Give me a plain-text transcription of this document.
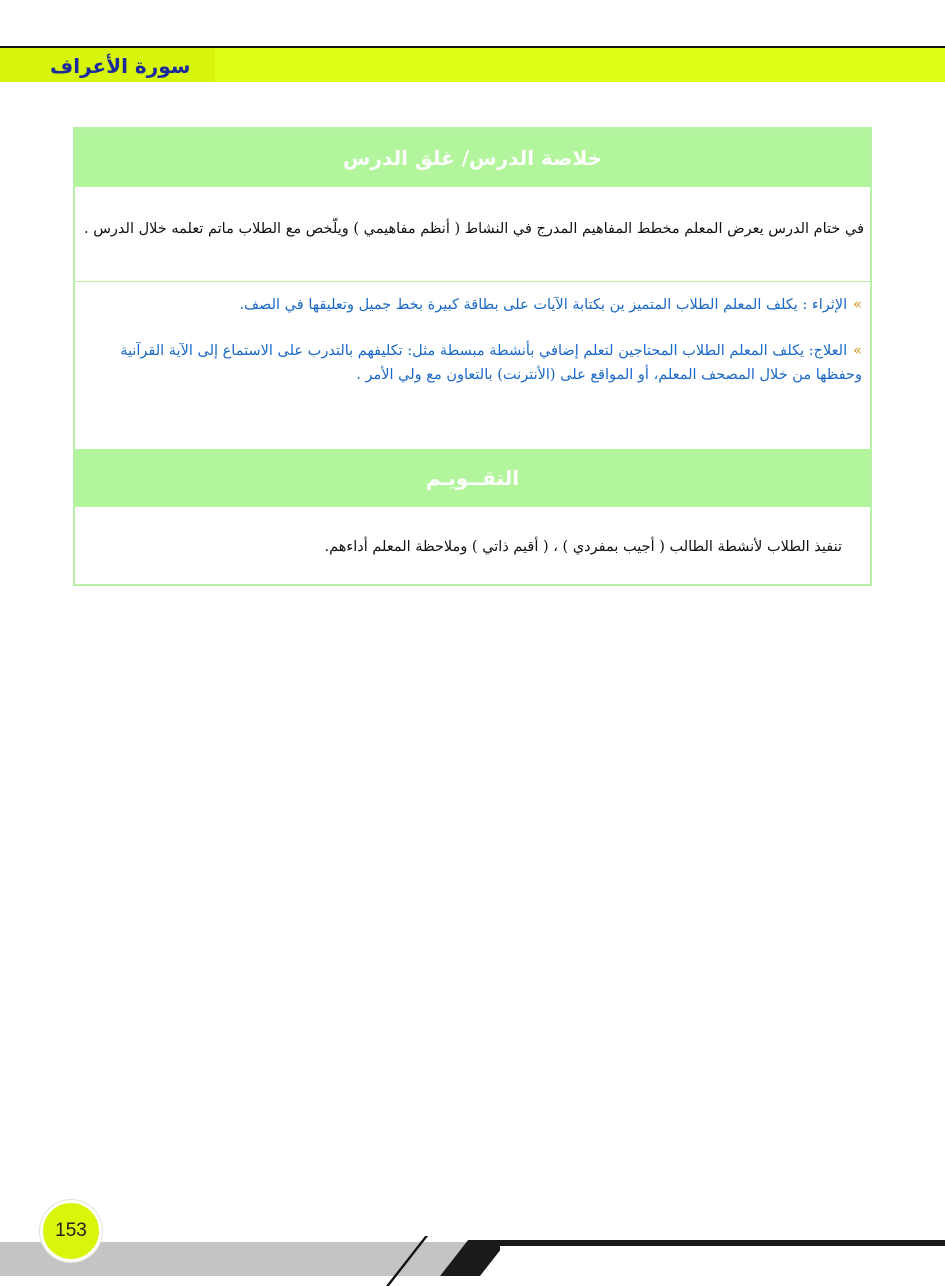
سورة الأعراف
خلاصة الدرس/ غلق الدرس
في ختام الدرس يعرض المعلم مخطط المفاهيم المدرج في النشاط ( أنظم مفاهيمي ) ويلّخص مع الطلاب ماتم تعلمه خلال الدرس .
»الإثراء : يكلف المعلم الطلاب المتميز ين بكتابة الآيات على بطاقة كبيرة بخط جميل وتعليقها في الصف.
»العلاج: يكلف المعلم الطلاب المحتاجين لتعلم إضافي بأنشطة مبسطة مثل: تكليفهم بالتدرب على الاستماع إلى الآية القرآنية وحفظها من خلال المصحف المعلم، أو المواقع على (الأنترنت) بالتعاون مع ولي الأمر .
التقــويـم
تنفيذ الطلاب لأنشطة الطالب ( أجيب بمفردي ) ، ( أقيم ذاتي ) وملاحظة المعلم أداءهم.
153
